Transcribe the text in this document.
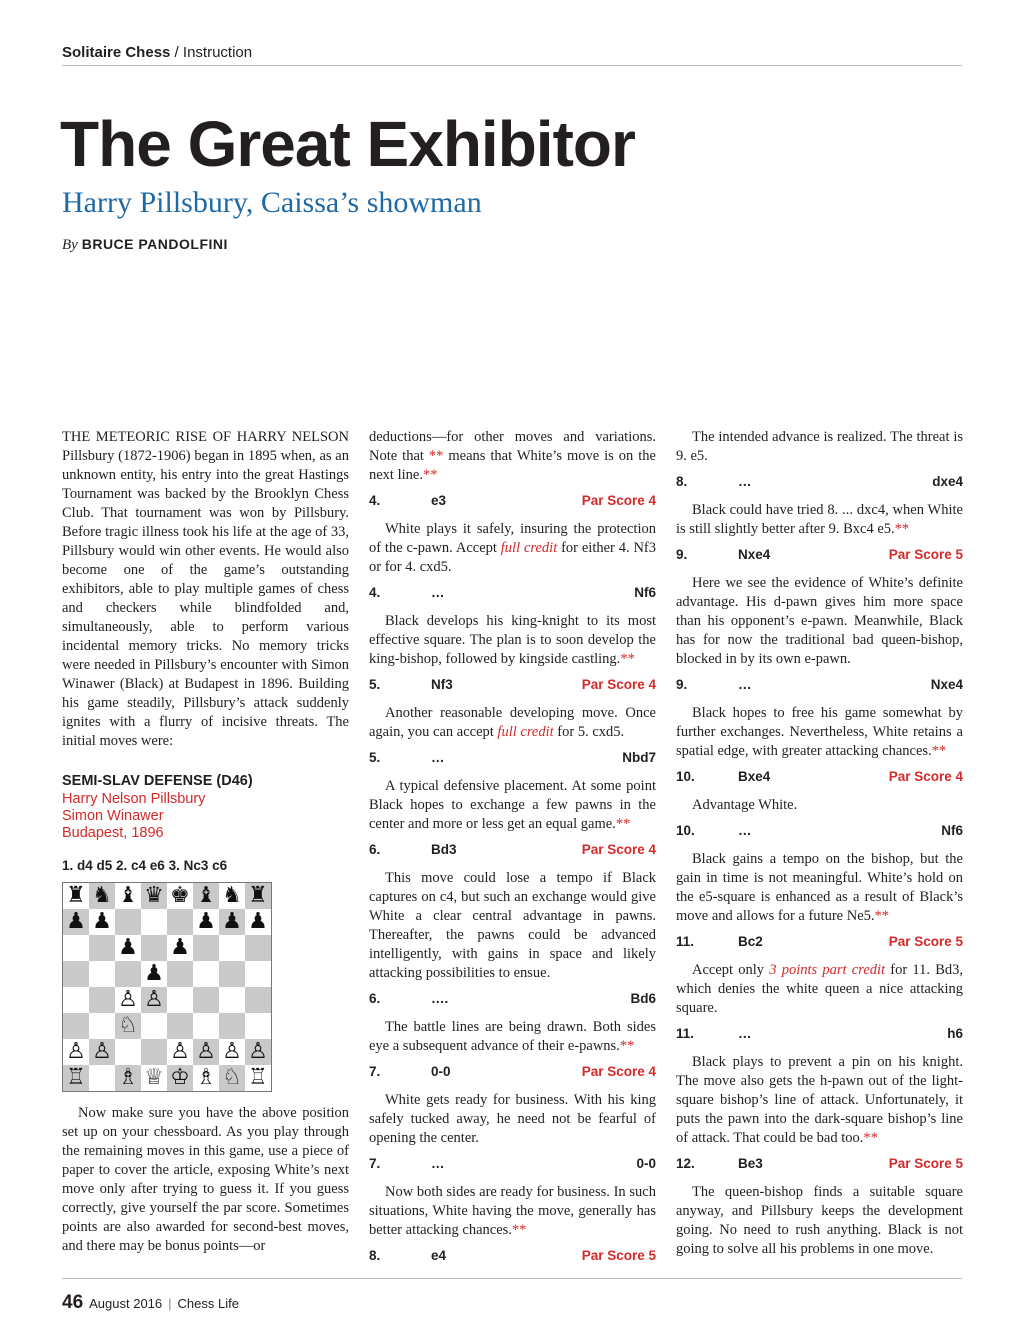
Solitaire Chess / Instruction
The Great Exhibitor
Harry Pillsbury, Caissa’s showman
By BRUCE PANDOLFINI

THE METEORIC RISE OF HARRY NELSON Pillsbury (1872-1906) began in 1895 when, as an unknown entity, his entry into the great Hastings Tournament was backed by the Brooklyn Chess Club. That tournament was won by Pillsbury. Before tragic illness took his life at the age of 33, Pillsbury would win other events. He would also become one of the game’s outstanding exhibitors, able to play multiple games of chess and checkers while blindfolded and, simultaneously, able to perform various incidental memory tricks. No memory tricks were needed in Pillsbury’s encounter with Simon Winawer (Black) at Budapest in 1896. Building his game steadily, Pillsbury’s attack suddenly ignites with a flurry of incisive threats. The initial moves were:

SEMI-SLAV DEFENSE (D46)
Harry Nelson Pillsbury
Simon Winawer
Budapest, 1896
1. d4 d5 2. c4 e6 3. Nc3 c6
♜ ♞ ♝ ♛ ♚ ♝ ♞ ♜
♟ ♟	♟ ♟ ♟
♟ ♟
♟
♙ ♙
♘
♙ ♙	♙ ♙ ♙ ♙
♖ ♗ ♕ ♔ ♗ ♘ ♖

Now make sure you have the above position set up on your chessboard. As you play through the remaining moves in this game, use a piece of paper to cover the article, exposing White’s next move only after trying to guess it. If you guess correctly, give yourself the par score. Sometimes points are also awarded for second-best moves, and there may be bonus points—or

deductions—for other moves and variations. Note that ** means that White’s move is on the next line.**

4.	e3	Par Score 4

White plays it safely, insuring the protection of the c-pawn. Accept full credit for either 4. Nf3 or for 4. cxd5.

4.	…	Nf6

Black develops his king-knight to its most effective square. The plan is to soon develop the king-bishop, followed by kingside castling.**

5.	Nf3	Par Score 4

Another reasonable developing move. Once again, you can accept full credit for 5. cxd5.

5.	…	Nbd7

A typical defensive placement. At some point Black hopes to exchange a few pawns in the center and more or less get an equal game.**

6.	Bd3	Par Score 4

This move could lose a tempo if Black captures on c4, but such an exchange would give White a clear central advantage in pawns. Thereafter, the pawns could be advanced intelligently, with gains in space and likely attacking possibilities to ensue.

6.	….	Bd6

The battle lines are being drawn. Both sides eye a subsequent advance of their e-pawns.**

7.	0-0	Par Score 4

White gets ready for business. With his king safely tucked away, he need not be fearful of opening the center.

7.	…	0-0

Now both sides are ready for business. In such situations, White having the move, generally has better attacking chances.**

8.	e4	Par Score 5

The intended advance is realized. The threat is 9. e5.

8.	…	dxe4

Black could have tried 8. ... dxc4, when White is still slightly better after 9. Bxc4 e5.**

9.	Nxe4	Par Score 5

Here we see the evidence of White’s definite advantage. His d-pawn gives him more space than his opponent’s e-pawn. Meanwhile, Black has for now the traditional bad queen-bishop, blocked in by its own e-pawn.

9.	…	Nxe4

Black hopes to free his game somewhat by further exchanges. Nevertheless, White retains a spatial edge, with greater attacking chances.**

10.	Bxe4	Par Score 4

Advantage White.

10.	…	Nf6

Black gains a tempo on the bishop, but the gain in time is not meaningful. White’s hold on the e5-square is enhanced as a result of Black’s move and allows for a future Ne5.**

11.	Bc2	Par Score 5

Accept only 3 points part credit for 11. Bd3, which denies the white queen a nice attacking square.

11.	…	h6

Black plays to prevent a pin on his knight. The move also gets the h-pawn out of the light-square bishop’s line of attack. Unfortunately, it puts the pawn into the dark-square bishop’s line of attack. That could be bad too.**

12.	Be3	Par Score 5

The queen-bishop finds a suitable square anyway, and Pillsbury keeps the development going. No need to rush anything. Black is not going to solve all his problems in one move.

46 August 2016 | Chess Life
